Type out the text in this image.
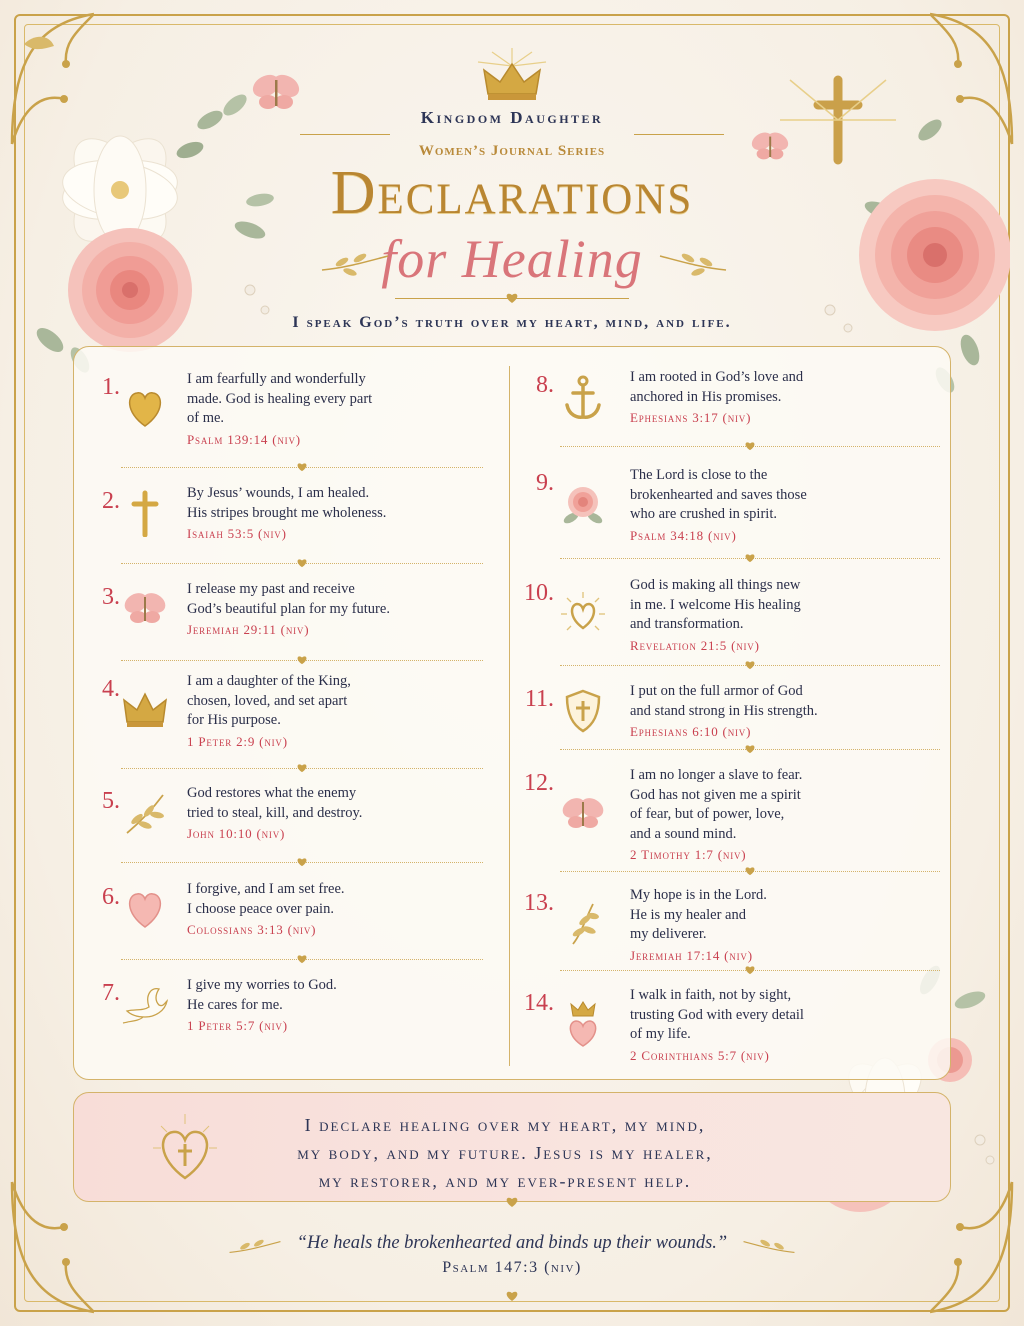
Kingdom Daughter
Women’s Journal Series
Declarations
for Healing
I speak God’s truth over my heart, mind, and life.
1.	I am fearfully and wonderfully
made. God is healing every part
of me.
Psalm 139:14 (niv)
2.	By Jesus’ wounds, I am healed.
His stripes brought me wholeness.
Isaiah 53:5 (niv)
3.	I release my past and receive
God’s beautiful plan for my future.
Jeremiah 29:11 (niv)
4.	I am a daughter of the King,
chosen, loved, and set apart
for His purpose.
1 Peter 2:9 (niv)
5.	God restores what the enemy
tried to steal, kill, and destroy.
John 10:10 (niv)
6.	I forgive, and I am set free.
I choose peace over pain.
Colossians 3:13 (niv)
7.	I give my worries to God.
He cares for me.
1 Peter 5:7 (niv)
8.	I am rooted in God’s love and
anchored in His promises.
Ephesians 3:17 (niv)
9.	The Lord is close to the
brokenhearted and saves those
who are crushed in spirit.
Psalm 34:18 (niv)
10.	God is making all things new
in me. I welcome His healing
and transformation.
Revelation 21:5 (niv)
11.	I put on the full armor of God
and stand strong in His strength.
Ephesians 6:10 (niv)
12.	I am no longer a slave to fear.
God has not given me a spirit
of fear, but of power, love,
and a sound mind.
2 Timothy 1:7 (niv)
13.	My hope is in the Lord.
He is my healer and
my deliverer.
Jeremiah 17:14 (niv)
14.	I walk in faith, not by sight,
trusting God with every detail
of my life.
2 Corinthians 5:7 (niv)
I declare healing over my heart, my mind,
my body, and my future. Jesus is my healer,
my restorer, and my ever-present help.
“He heals the brokenhearted and binds up their wounds.”
Psalm 147:3 (niv)
